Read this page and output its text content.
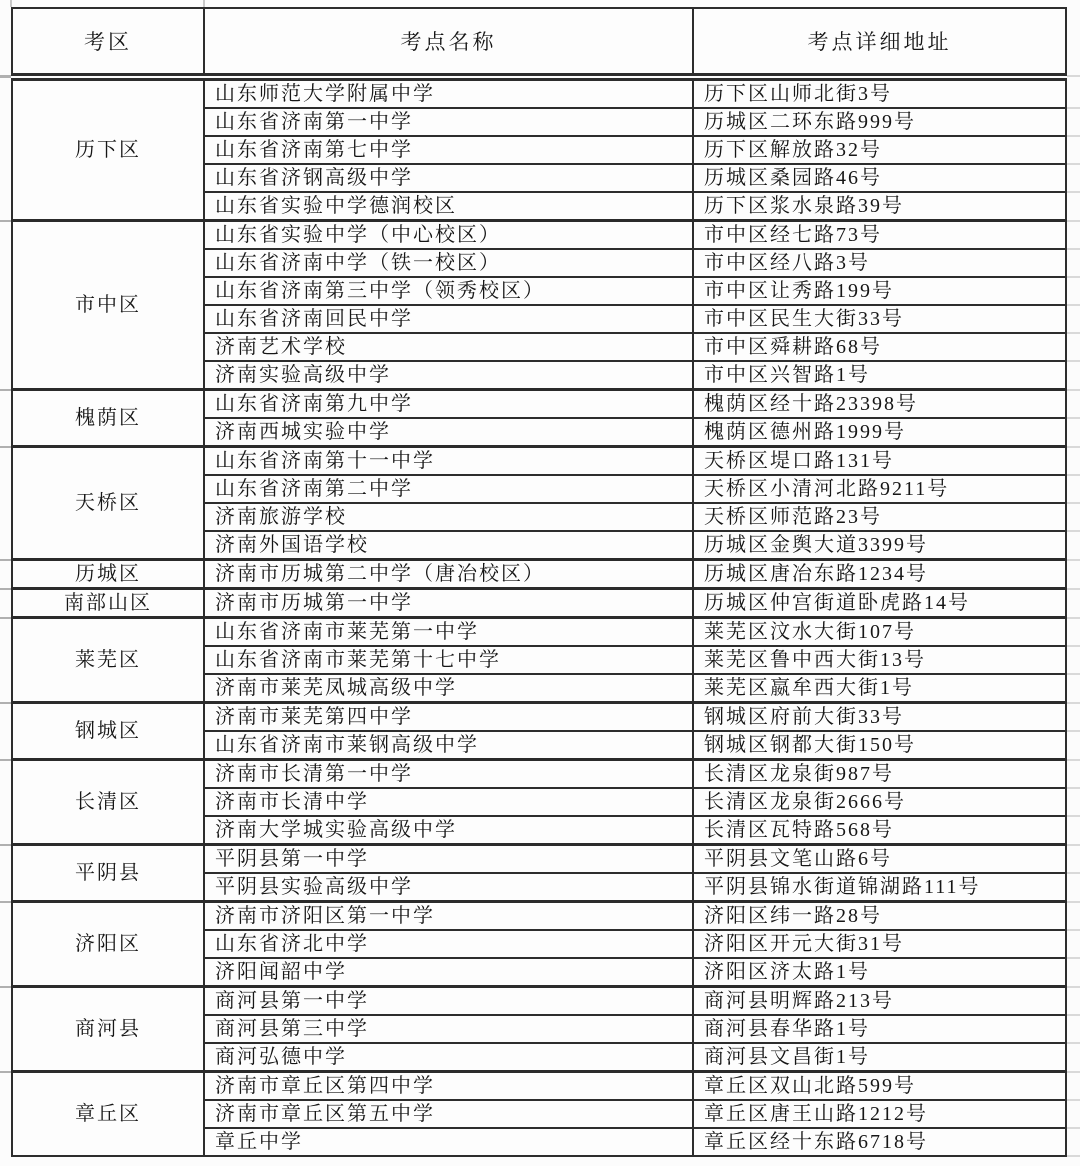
考区	考点名称	考点详细地址
历下区	山东师范大学附属中学	历下区山师北街3号
	山东省济南第一中学	历城区二环东路999号
	山东省济南第七中学	历下区解放路32号
	山东省济钢高级中学	历城区桑园路46号
	山东省实验中学德润校区	历下区浆水泉路39号
市中区	山东省实验中学（中心校区）	市中区经七路73号
	山东省济南中学（铁一校区）	市中区经八路3号
	山东省济南第三中学（领秀校区）	市中区让秀路199号
	山东省济南回民中学	市中区民生大街33号
	济南艺术学校	市中区舜耕路68号
	济南实验高级中学	市中区兴智路1号
槐荫区	山东省济南第九中学	槐荫区经十路23398号
	济南西城实验中学	槐荫区德州路1999号
天桥区	山东省济南第十一中学	天桥区堤口路131号
	山东省济南第二中学	天桥区小清河北路9211号
	济南旅游学校	天桥区师范路23号
	济南外国语学校	历城区金舆大道3399号
历城区	济南市历城第二中学（唐冶校区）	历城区唐冶东路1234号
南部山区	济南市历城第一中学	历城区仲宫街道卧虎路14号
莱芜区	山东省济南市莱芜第一中学	莱芜区汶水大街107号
	山东省济南市莱芜第十七中学	莱芜区鲁中西大街13号
	济南市莱芜凤城高级中学	莱芜区嬴牟西大街1号
钢城区	济南市莱芜第四中学	钢城区府前大街33号
	山东省济南市莱钢高级中学	钢城区钢都大街150号
长清区	济南市长清第一中学	长清区龙泉街987号
	济南市长清中学	长清区龙泉街2666号
	济南大学城实验高级中学	长清区瓦特路568号
平阴县	平阴县第一中学	平阴县文笔山路6号
	平阴县实验高级中学	平阴县锦水街道锦湖路111号
济阳区	济南市济阳区第一中学	济阳区纬一路28号
	山东省济北中学	济阳区开元大街31号
	济阳闻韶中学	济阳区济太路1号
商河县	商河县第一中学	商河县明辉路213号
	商河县第三中学	商河县春华路1号
	商河弘德中学	商河县文昌街1号
章丘区	济南市章丘区第四中学	章丘区双山北路599号
	济南市章丘区第五中学	章丘区唐王山路1212号
	章丘中学	章丘区经十东路6718号
